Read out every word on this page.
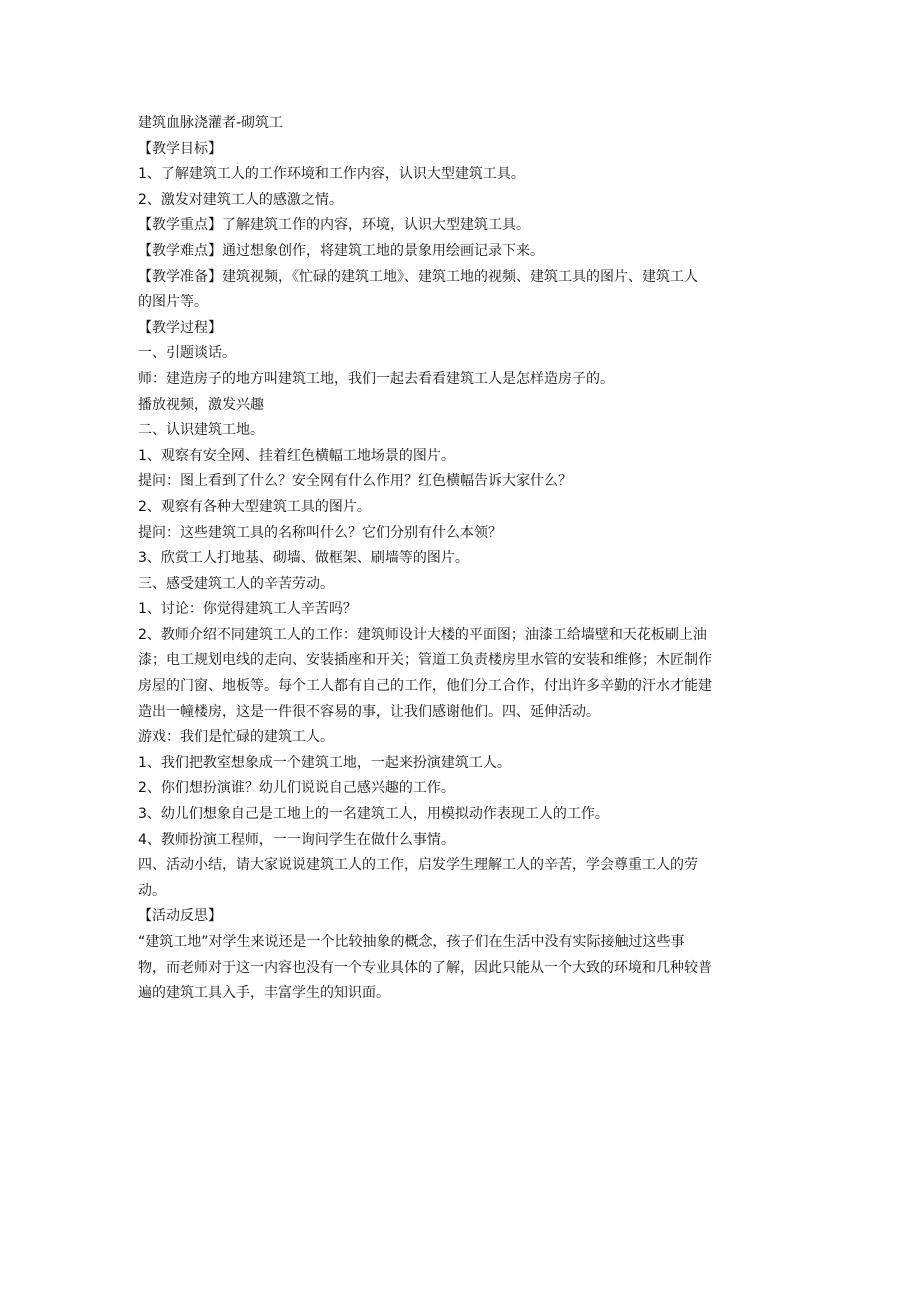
建筑血脉浇灌者-砌筑工
【教学目标】
1、了解建筑工人的工作环境和工作内容，认识大型建筑工具。
2、激发对建筑工人的感激之情。
【教学重点】了解建筑工作的内容，环境，认识大型建筑工具。
【教学难点】通过想象创作，将建筑工地的景象用绘画记录下来。
【教学准备】建筑视频，《忙碌的建筑工地》、建筑工地的视频、建筑工具的图片、建筑工人
的图片等。
【教学过程】
一、引题谈话。
师：建造房子的地方叫建筑工地，我们一起去看看建筑工人是怎样造房子的。
播放视频，激发兴趣
二、认识建筑工地。
1、观察有安全网、挂着红色横幅工地场景的图片。
提问：图上看到了什么？安全网有什么作用？红色横幅告诉大家什么？
2、观察有各种大型建筑工具的图片。
提问：这些建筑工具的名称叫什么？它们分别有什么本领？
3、欣赏工人打地基、砌墙、做框架、刷墙等的图片。
三、感受建筑工人的辛苦劳动。
1、讨论：你觉得建筑工人辛苦吗？
2、教师介绍不同建筑工人的工作：建筑师设计大楼的平面图；油漆工给墙壁和天花板刷上油
漆；电工规划电线的走向、安装插座和开关；管道工负责楼房里水管的安装和维修；木匠制作
房屋的门窗、地板等。每个工人都有自己的工作，他们分工合作，付出许多辛勤的汗水才能建
造出一幢楼房，这是一件很不容易的事，让我们感谢他们。四、延伸活动。
游戏：我们是忙碌的建筑工人。
1、我们把教室想象成一个建筑工地，一起来扮演建筑工人。
2、你们想扮演谁？幼儿们说说自己感兴趣的工作。
3、幼儿们想象自己是工地上的一名建筑工人，用模拟动作表现工人的工作。
4、教师扮演工程师，一一询问学生在做什么事情。
四、活动小结，请大家说说建筑工人的工作，启发学生理解工人的辛苦，学会尊重工人的劳
动。
【活动反思】
“建筑工地”对学生来说还是一个比较抽象的概念，孩子们在生活中没有实际接触过这些事
物，而老师对于这一内容也没有一个专业具体的了解，因此只能从一个大致的环境和几种较普
遍的建筑工具入手，丰富学生的知识面。
